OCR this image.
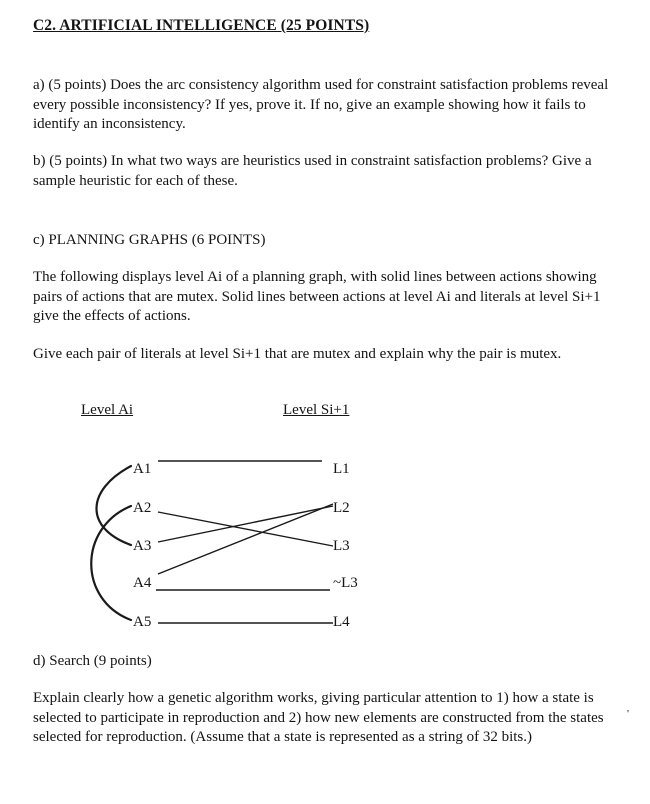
C2. ARTIFICIAL INTELLIGENCE (25 POINTS)
a) (5 points) Does the arc consistency algorithm used for constraint satisfaction problems reveal every possible inconsistency? If yes, prove it. If no, give an example showing how it fails to identify an inconsistency.
b) (5 points) In what two ways are heuristics used in constraint satisfaction problems? Give a sample heuristic for each of these.
c) PLANNING GRAPHS (6 POINTS)
The following displays level Ai of a planning graph, with solid lines between actions showing pairs of actions that are mutex. Solid lines between actions at level Ai and literals at level Si+1 give the effects of actions.
Give each pair of literals at level Si+1 that are mutex and explain why the pair is mutex.
Level Ai	Level Si+1
A1
A2
A3
A4
A5
L1
L2
L3
~L3
L4
d) Search (9 points)
Explain clearly how a genetic algorithm works, giving particular attention to 1) how a state is selected to participate in reproduction and 2) how new elements are constructed from the states selected for reproduction. (Assume that a state is represented as a string of 32 bits.)
'
